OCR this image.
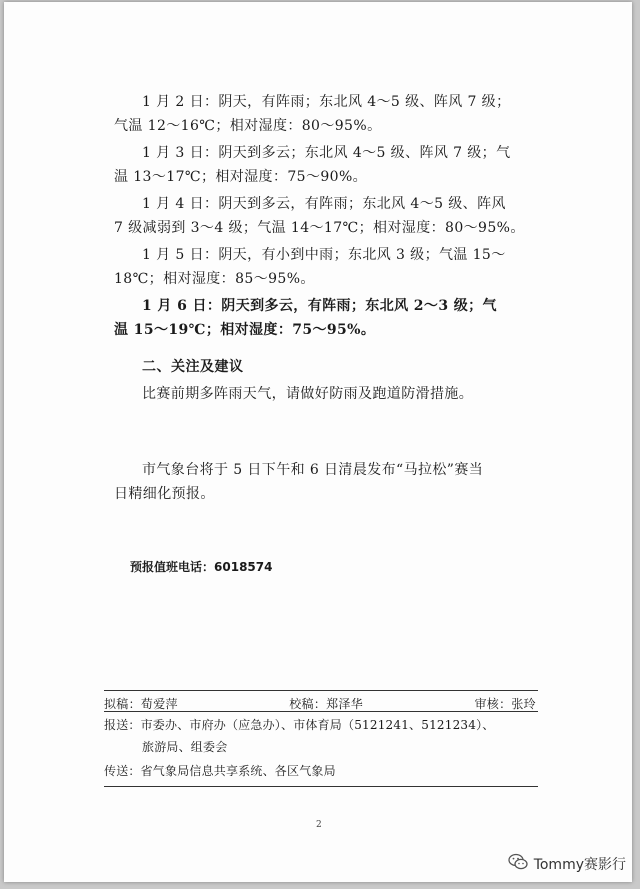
1 月 2 日：阴天，有阵雨；东北风 4～5 级、阵风 7 级；
气温 12～16℃；相对湿度：80～95%。

1 月 3 日：阴天到多云；东北风 4～5 级、阵风 7 级；气
温 13～17℃；相对湿度：75～90%。

1 月 4 日：阴天到多云，有阵雨；东北风 4～5 级、阵风
7 级减弱到 3～4 级；气温 14～17℃；相对湿度：80～95%。

1 月 5 日：阴天，有小到中雨；东北风 3 级；气温 15～
18℃；相对湿度：85～95%。

1 月 6 日：阴天到多云，有阵雨；东北风 2～3 级；气
温 15～19℃；相对湿度：75～95%。

二、关注及建议

比赛前期多阵雨天气，请做好防雨及跑道防滑措施。

市气象台将于 5 日下午和 6 日清晨发布“马拉松”赛当
日精细化预报。

预报值班电话：6018574
拟稿：荀爱萍	校稿：郑泽华	审核：张玲

报送：市委办、市府办（应急办）、市体育局（5121241、5121234）、
旅游局、组委会

传送：省气象局信息共享系统、各区气象局

2
Tommy赛影行
